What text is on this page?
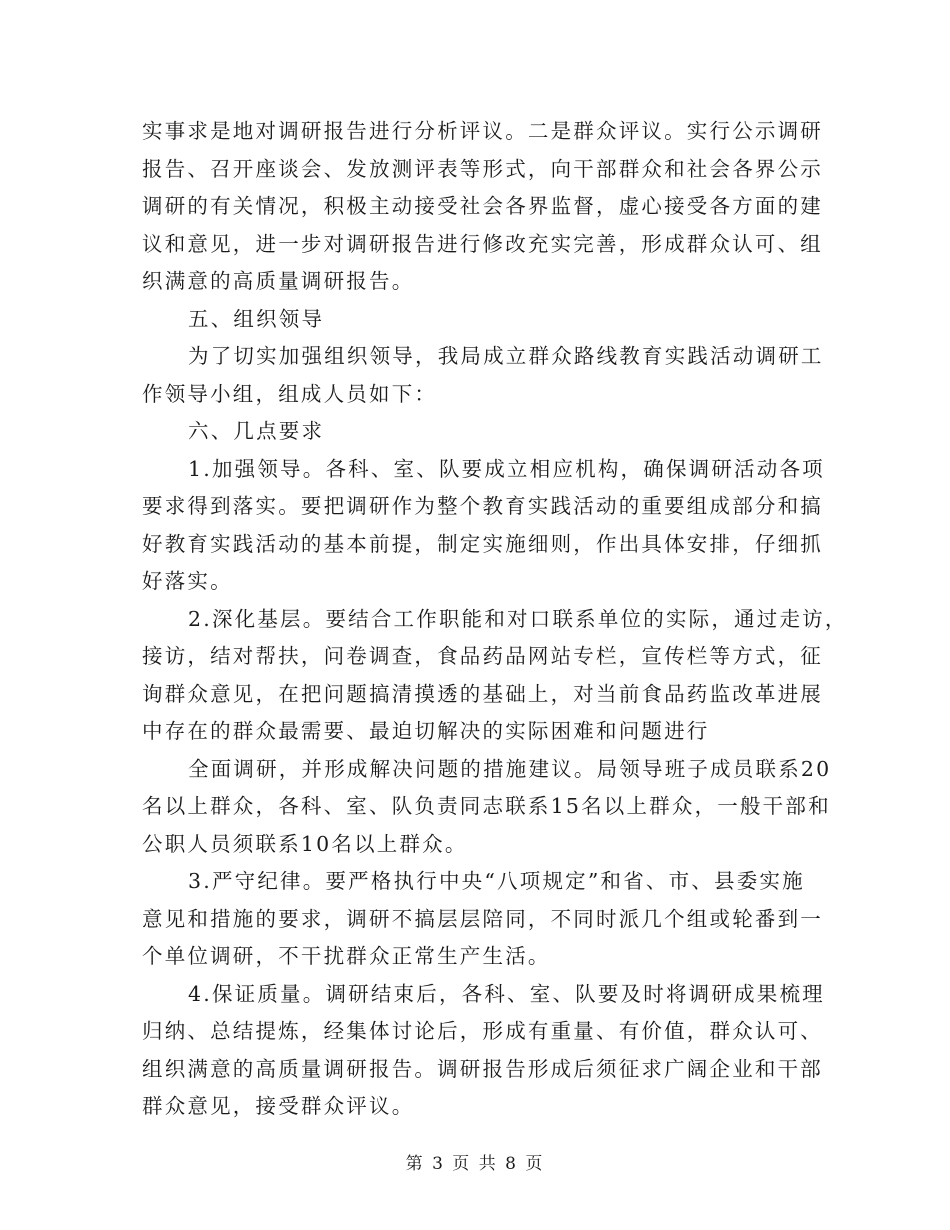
实事求是地对调研报告进行分析评议。二是群众评议。实行公示调研
报告、召开座谈会、发放测评表等形式，向干部群众和社会各界公示
调研的有关情况，积极主动接受社会各界监督，虚心接受各方面的建
议和意见，进一步对调研报告进行修改充实完善，形成群众认可、组
织满意的高质量调研报告。
五、组织领导
为了切实加强组织领导，我局成立群众路线教育实践活动调研工
作领导小组，组成人员如下：
六、几点要求
1.加强领导。各科、室、队要成立相应机构，确保调研活动各项
要求得到落实。要把调研作为整个教育实践活动的重要组成部分和搞
好教育实践活动的基本前提，制定实施细则，作出具体安排，仔细抓
好落实。
2.深化基层。要结合工作职能和对口联系单位的实际，通过走访，
接访，结对帮扶，问卷调查，食品药品网站专栏，宣传栏等方式，征
询群众意见，在把问题搞清摸透的基础上，对当前食品药监改革进展
中存在的群众最需要、最迫切解决的实际困难和问题进行
全面调研，并形成解决问题的措施建议。局领导班子成员联系20
名以上群众，各科、室、队负责同志联系15名以上群众，一般干部和
公职人员须联系10名以上群众。
3.严守纪律。要严格执行中央“八项规定”和省、市、县委实施
意见和措施的要求，调研不搞层层陪同，不同时派几个组或轮番到一
个单位调研，不干扰群众正常生产生活。
4.保证质量。调研结束后，各科、室、队要及时将调研成果梳理
归纳、总结提炼，经集体讨论后，形成有重量、有价值，群众认可、
组织满意的高质量调研报告。调研报告形成后须征求广阔企业和干部
群众意见，接受群众评议。
第 3 页 共 8 页
